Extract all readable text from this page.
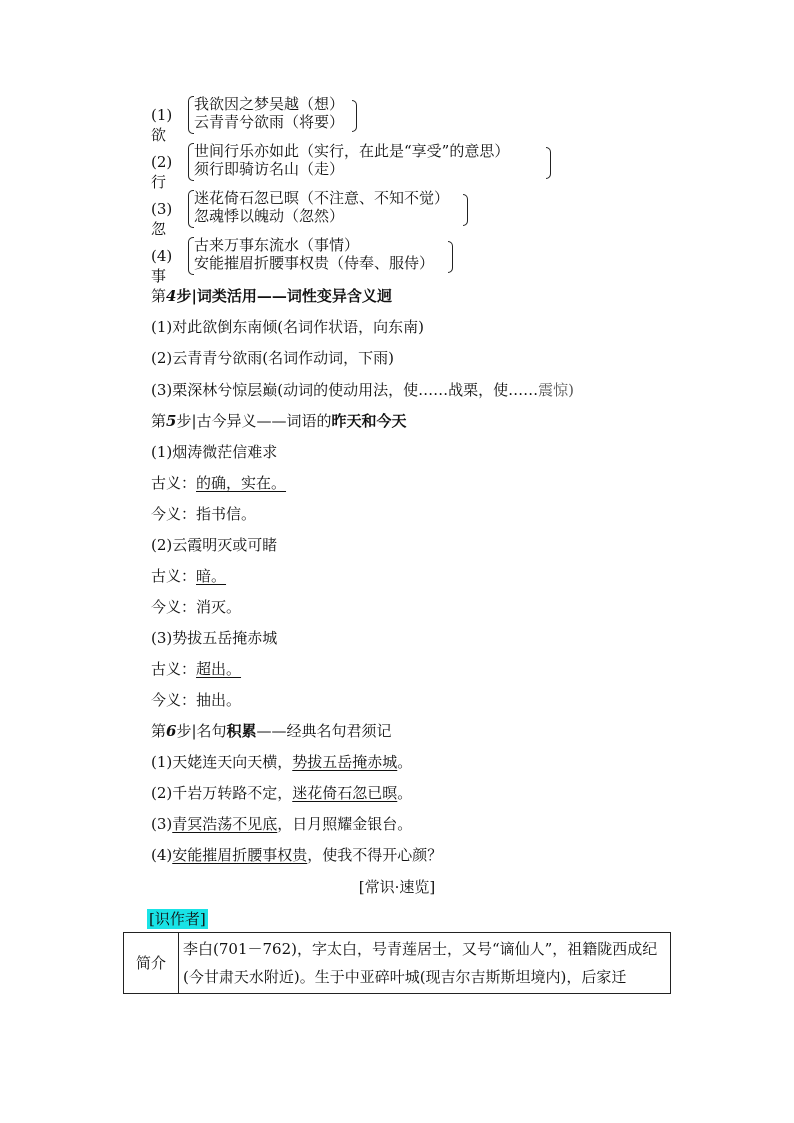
(1)欲
我欲因之梦吴越（想）
云青青兮欲雨（将要）
(2)行
世间行乐亦如此（实行，在此是“享受”的意思）
须行即骑访名山（走）
(3)忽
迷花倚石忽已暝（不注意、不知不觉）
忽魂悸以魄动（忽然）
(4)事
古来万事东流水（事情）
安能摧眉折腰事权贵（侍奉、服侍）
第4步|词类活用——词性变异含义迥
(1)对此欲倒东南倾(名词作状语，向东南)
(2)云青青兮欲雨(名词作动词，下雨)
(3)栗深林兮惊层巅(动词的使动用法，使……战栗，使……震惊)
第5步|古今异义——词语的昨天和今天
(1)烟涛微茫信难求
古义：的确，实在。
今义：指书信。
(2)云霞明灭或可睹
古义：暗。
今义：消灭。
(3)势拔五岳掩赤城
古义：超出。
今义：抽出。
第6步|名句积累——经典名句君须记
(1)天姥连天向天横，势拔五岳掩赤城。
(2)千岩万转路不定，迷花倚石忽已暝。
(3)青冥浩荡不见底，日月照耀金银台。
(4)安能摧眉折腰事权贵，使我不得开心颜？
[常识·速览]
[识作者]
简介	李白(701－762)，字太白，号青莲居士，又号“谪仙人”，祖籍陇西成纪(今甘肃天水附近)。生于中亚碎叶城(现吉尔吉斯斯坦境内)，后家迁
